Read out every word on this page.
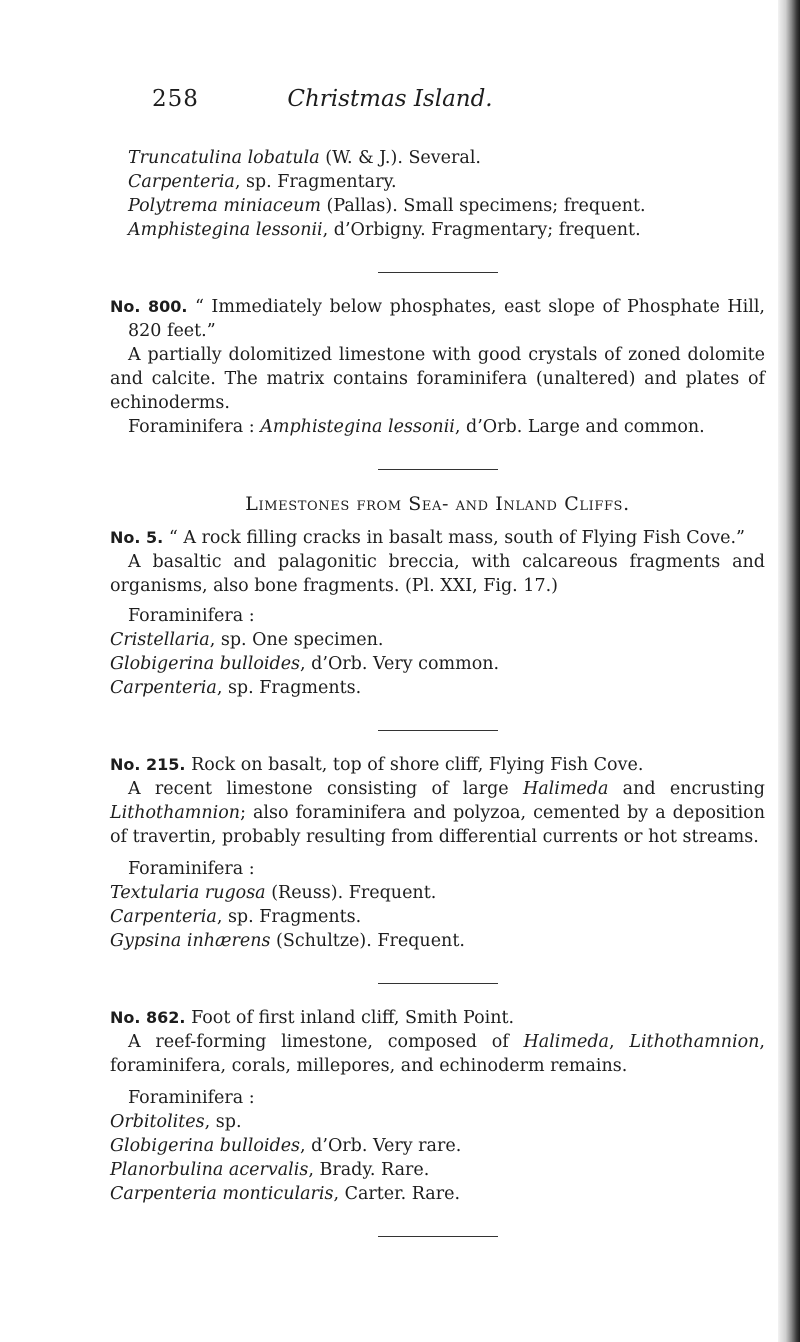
Christmas Island.
258
Truncatulina lobatula (W. & J.). Several.
Carpenteria, sp. Fragmentary.
Polytrema miniaceum (Pallas). Small specimens; frequent.
Amphistegina lessonii, d’Orbigny. Fragmentary; frequent.
No. 800. “ Immediately below phosphates, east slope of Phosphate Hill, 820 feet.”
A partially dolomitized limestone with good crystals of zoned dolomite and calcite. The matrix contains foraminifera (unaltered) and plates of echinoderms.
Foraminifera : Amphistegina lessonii, d’Orb. Large and common.
Limestones from Sea- and Inland Cliffs.
No. 5. “ A rock filling cracks in basalt mass, south of Flying Fish Cove.”
A basaltic and palagonitic breccia, with calcareous fragments and organisms, also bone fragments. (Pl. XXI, Fig. 17.)
Foraminifera :
Cristellaria, sp. One specimen.
Globigerina bulloides, d’Orb. Very common.
Carpenteria, sp. Fragments.
No. 215. Rock on basalt, top of shore cliff, Flying Fish Cove.
A recent limestone consisting of large Halimeda and encrusting Lithothamnion; also foraminifera and polyzoa, cemented by a deposition of travertin, probably resulting from differential currents or hot streams.
Foraminifera :
Textularia rugosa (Reuss). Frequent.
Carpenteria, sp. Fragments.
Gypsina inhærens (Schultze). Frequent.
No. 862. Foot of first inland cliff, Smith Point.
A reef-forming limestone, composed of Halimeda, Lithothamnion, foraminifera, corals, millepores, and echinoderm remains.
Foraminifera :
Orbitolites, sp.
Globigerina bulloides, d’Orb. Very rare.
Planorbulina acervalis, Brady. Rare.
Carpenteria monticularis, Carter. Rare.
